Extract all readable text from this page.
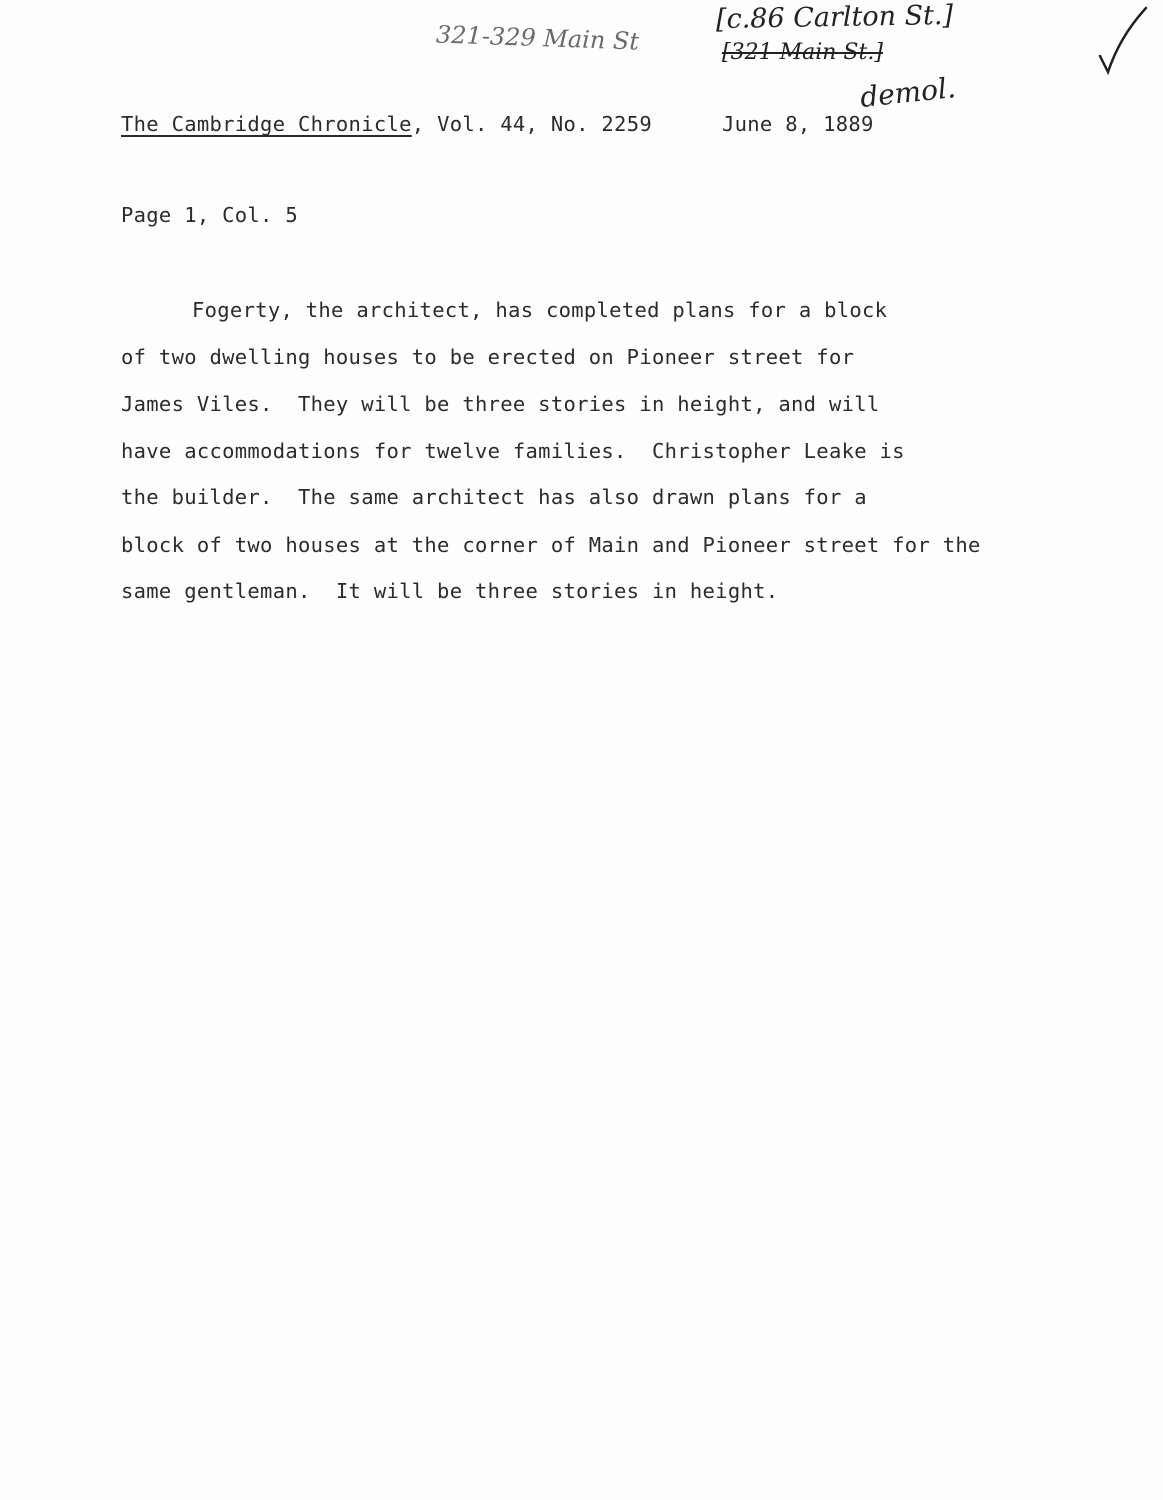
321-329 Main St
[c.86 Carlton St.]
[321 Main St.]
demol.
The Cambridge Chronicle, Vol. 44, No. 2259	June 8, 1889
Page 1, Col. 5
Fogerty, the architect, has completed plans for a block
of two dwelling houses to be erected on Pioneer street for
James Viles.  They will be three stories in height, and will
have accommodations for twelve families.  Christopher Leake is
the builder.  The same architect has also drawn plans for a
block of two houses at the corner of Main and Pioneer street for the
same gentleman.  It will be three stories in height.
